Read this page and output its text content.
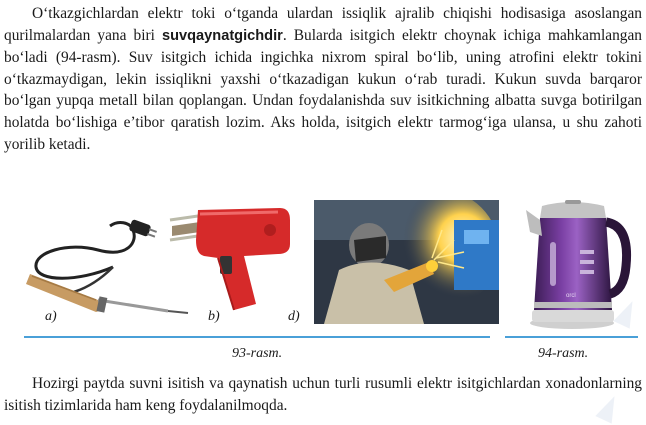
O‘tkazgichlardan elektr toki o‘tganda ulardan issiqlik ajralib chiqishi hodisasiga asoslangan qurilmalardan yana biri suvqaynatgichdir. Bularda isitgich elektr choynak ichiga mahkamlangan bo‘ladi (94-rasm). Suv isitgich ichida ingichka nixrom spiral bo‘lib, uning atrofini elektr tokini o‘tkazmaydigan, lekin issiqlikni yaxshi o‘tkazadigan kukun o‘rab turadi. Kukun suvda barqaror bo‘lgan yupqa metall bilan qoplangan. Undan foydalanishda suv isitkichning albatta suvga botirilgan holatda bo‘lishiga e’tibor qaratish lozim. Aks holda, isitgich elektr tarmog‘iga ulansa, u shu zahoti yorilib ketadi.

a)	b)	d)
orcl
93-rasm.	94-rasm.

Hozirgi paytda suvni isitish va qaynatish uchun turli rusumli elektr isitgichlardan xonadonlarning isitish tizimlarida ham keng foydalanilmoqda.
